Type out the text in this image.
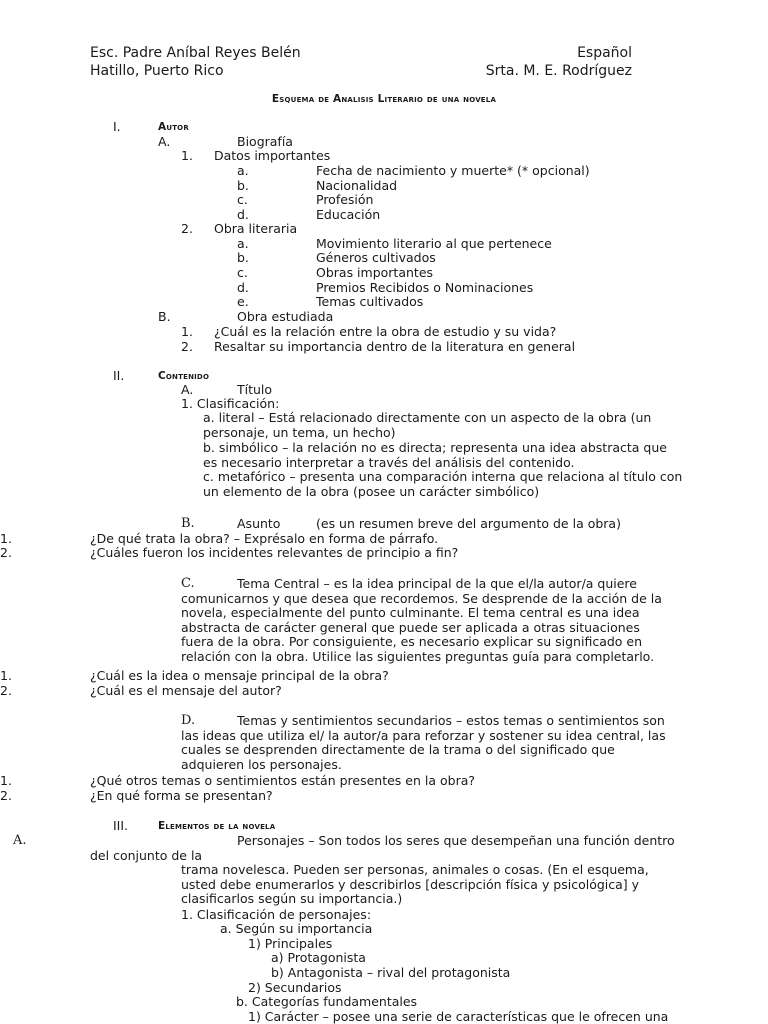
Esc. Padre Aníbal Reyes Belén
Hatillo, Puerto Rico
Español
Srta. M. E. Rodríguez
Esquema de Analisis Literario de una novela
I.	Autor
A.	Biografía
1. Datos importantes
a.	Fecha de nacimiento y muerte* (* opcional)
b.	Nacionalidad
c.	Profesión
d.	Educación
2. Obra literaria
a.	Movimiento literario al que pertenece
b.	Géneros cultivados
c.	Obras importantes
d.	Premios Recibidos o Nominaciones
e.	Temas cultivados
B.	Obra estudiada
1. ¿Cuál es la relación entre la obra de estudio y su vida?
2. Resaltar su importancia dentro de la literatura en general
II.	Contenido
A.	Título
1. Clasificación:
a. literal – Está relacionado directamente con un aspecto de la obra (un personaje, un tema, un hecho)
b. simbólico – la relación no es directa; representa una idea abstracta que es necesario interpretar a través del análisis del contenido.
c. metafórico – presenta una comparación interna que relaciona al título con un elemento de la obra (posee un carácter simbólico)
B.	Asunto	(es un resumen breve del argumento de la obra)
1.	¿De qué trata la obra? – Exprésalo en forma de párrafo.
2.	¿Cuáles fueron los incidentes relevantes de principio a fin?
C.	Tema Central – es la idea principal de la que el/la autor/a quiere comunicarnos y que desea que recordemos. Se desprende de la acción de la novela, especialmente del punto culminante. El tema central es una idea abstracta de carácter general que puede ser aplicada a otras situaciones fuera de la obra. Por consiguiente, es necesario explicar su significado en relación con la obra. Utilice las siguientes preguntas guía para completarlo.
1.	¿Cuál es la idea o mensaje principal de la obra?
2.	¿Cuál es el mensaje del autor?
D.	Temas y sentimientos secundarios – estos temas o sentimientos son las ideas que utiliza el/ la autor/a para reforzar y sostener su idea central, las cuales se desprenden directamente de la trama o del significado que adquieren los personajes.
1.	¿Qué otros temas o sentimientos están presentes en la obra?
2.	¿En qué forma se presentan?
III.	Elementos de la novela
A.	Personajes – Son todos los seres que desempeñan una función dentro
del conjunto de la
trama novelesca. Pueden ser personas, animales o cosas. (En el esquema, usted debe enumerarlos y describirlos [descripción física y psicológica] y clasificarlos según su importancia.)
1. Clasificación de personajes:
a. Según su importancia
1) Principales
a) Protagonista
b) Antagonista – rival del protagonista
2) Secundarios
b. Categorías fundamentales
1) Carácter – posee una serie de características que le ofrecen una
